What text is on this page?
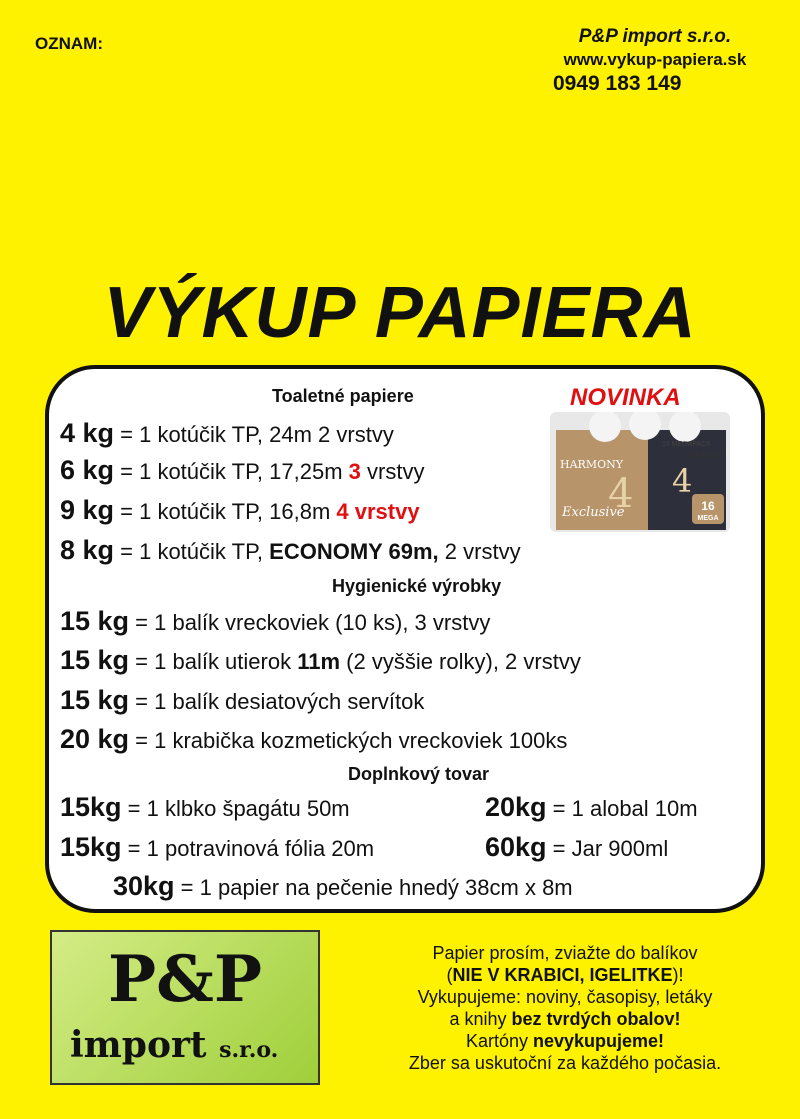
OZNAM:	P&P import s.r.o.
www.vykup-papiera.sk
0949 183 149
VÝKUP PAPIERA
Toaletné papiere
Hygienické výrobky
Doplnkový tovar
4 kg = 1 kotúčik TP, 24m 2 vrstvy
6 kg = 1 kotúčik TP, 17,25m 3 vrstvy
9 kg = 1 kotúčik TP, 16,8m 4 vrstvy
8 kg = 1 kotúčik TP, ECONOMY 69m, 2 vrstvy
15 kg = 1 balík vreckoviek (10 ks), 3 vrstvy
15 kg = 1 balík utierok 11m (2 vyššie rolky), 2 vrstvy
15 kg = 1 balík desiatových servítok
20 kg = 1 krabička kozmetických vreckoviek 100ks
15kg = 1 klbko špagátu 50m	20kg = 1 alobal 10m
15kg = 1 potravinová fólia 20m	60kg = Jar 900ml
30kg = 1 papier na pečenie hnedý 38cm x 8m
NOVINKA
HARMONY
Exclusive
4
16 MEGAPACK
VRSTVY
PLY
4
16
MEGA
P&P
import s.r.o.
Papier prosím, zviažte do balíkov
(NIE V KRABICI, IGELITKE)!
Vykupujeme: noviny, časopisy, letáky
a knihy bez tvrdých obalov!
Kartóny nevykupujeme!
Zber sa uskutoční za každého počasia.
